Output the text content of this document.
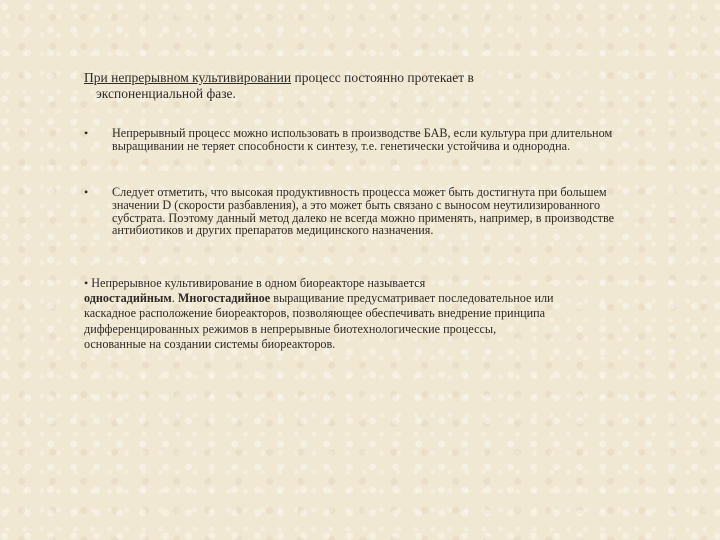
При непрерывном культивировании процесс постоянно протекает в
экспоненциальной фазе.
• Непрерывный процесс можно использовать в производстве БАВ, если культура при длительном выращивании не теряет способности к синтезу, т.е. генетически устойчива и однородна.
• Следует отметить, что высокая продуктивность процесса может быть достигнута при большем значении D (скорости разбавления), а это может быть связано с выносом неутилизированного субстрата. Поэтому данный метод далеко не всегда можно применять, например, в производстве антибиотиков и других препаратов медицинского назначения.
• Непрерывное культивирование в одном биореакторе называется
одностадийным. Многостадийное выращивание предусматривает последовательное или каскадное расположение биореакторов, позволяющее обеспечивать внедрение принципа дифференцированных режимов в непрерывные биотехнологические процессы, основанные на создании системы биореакторов.
